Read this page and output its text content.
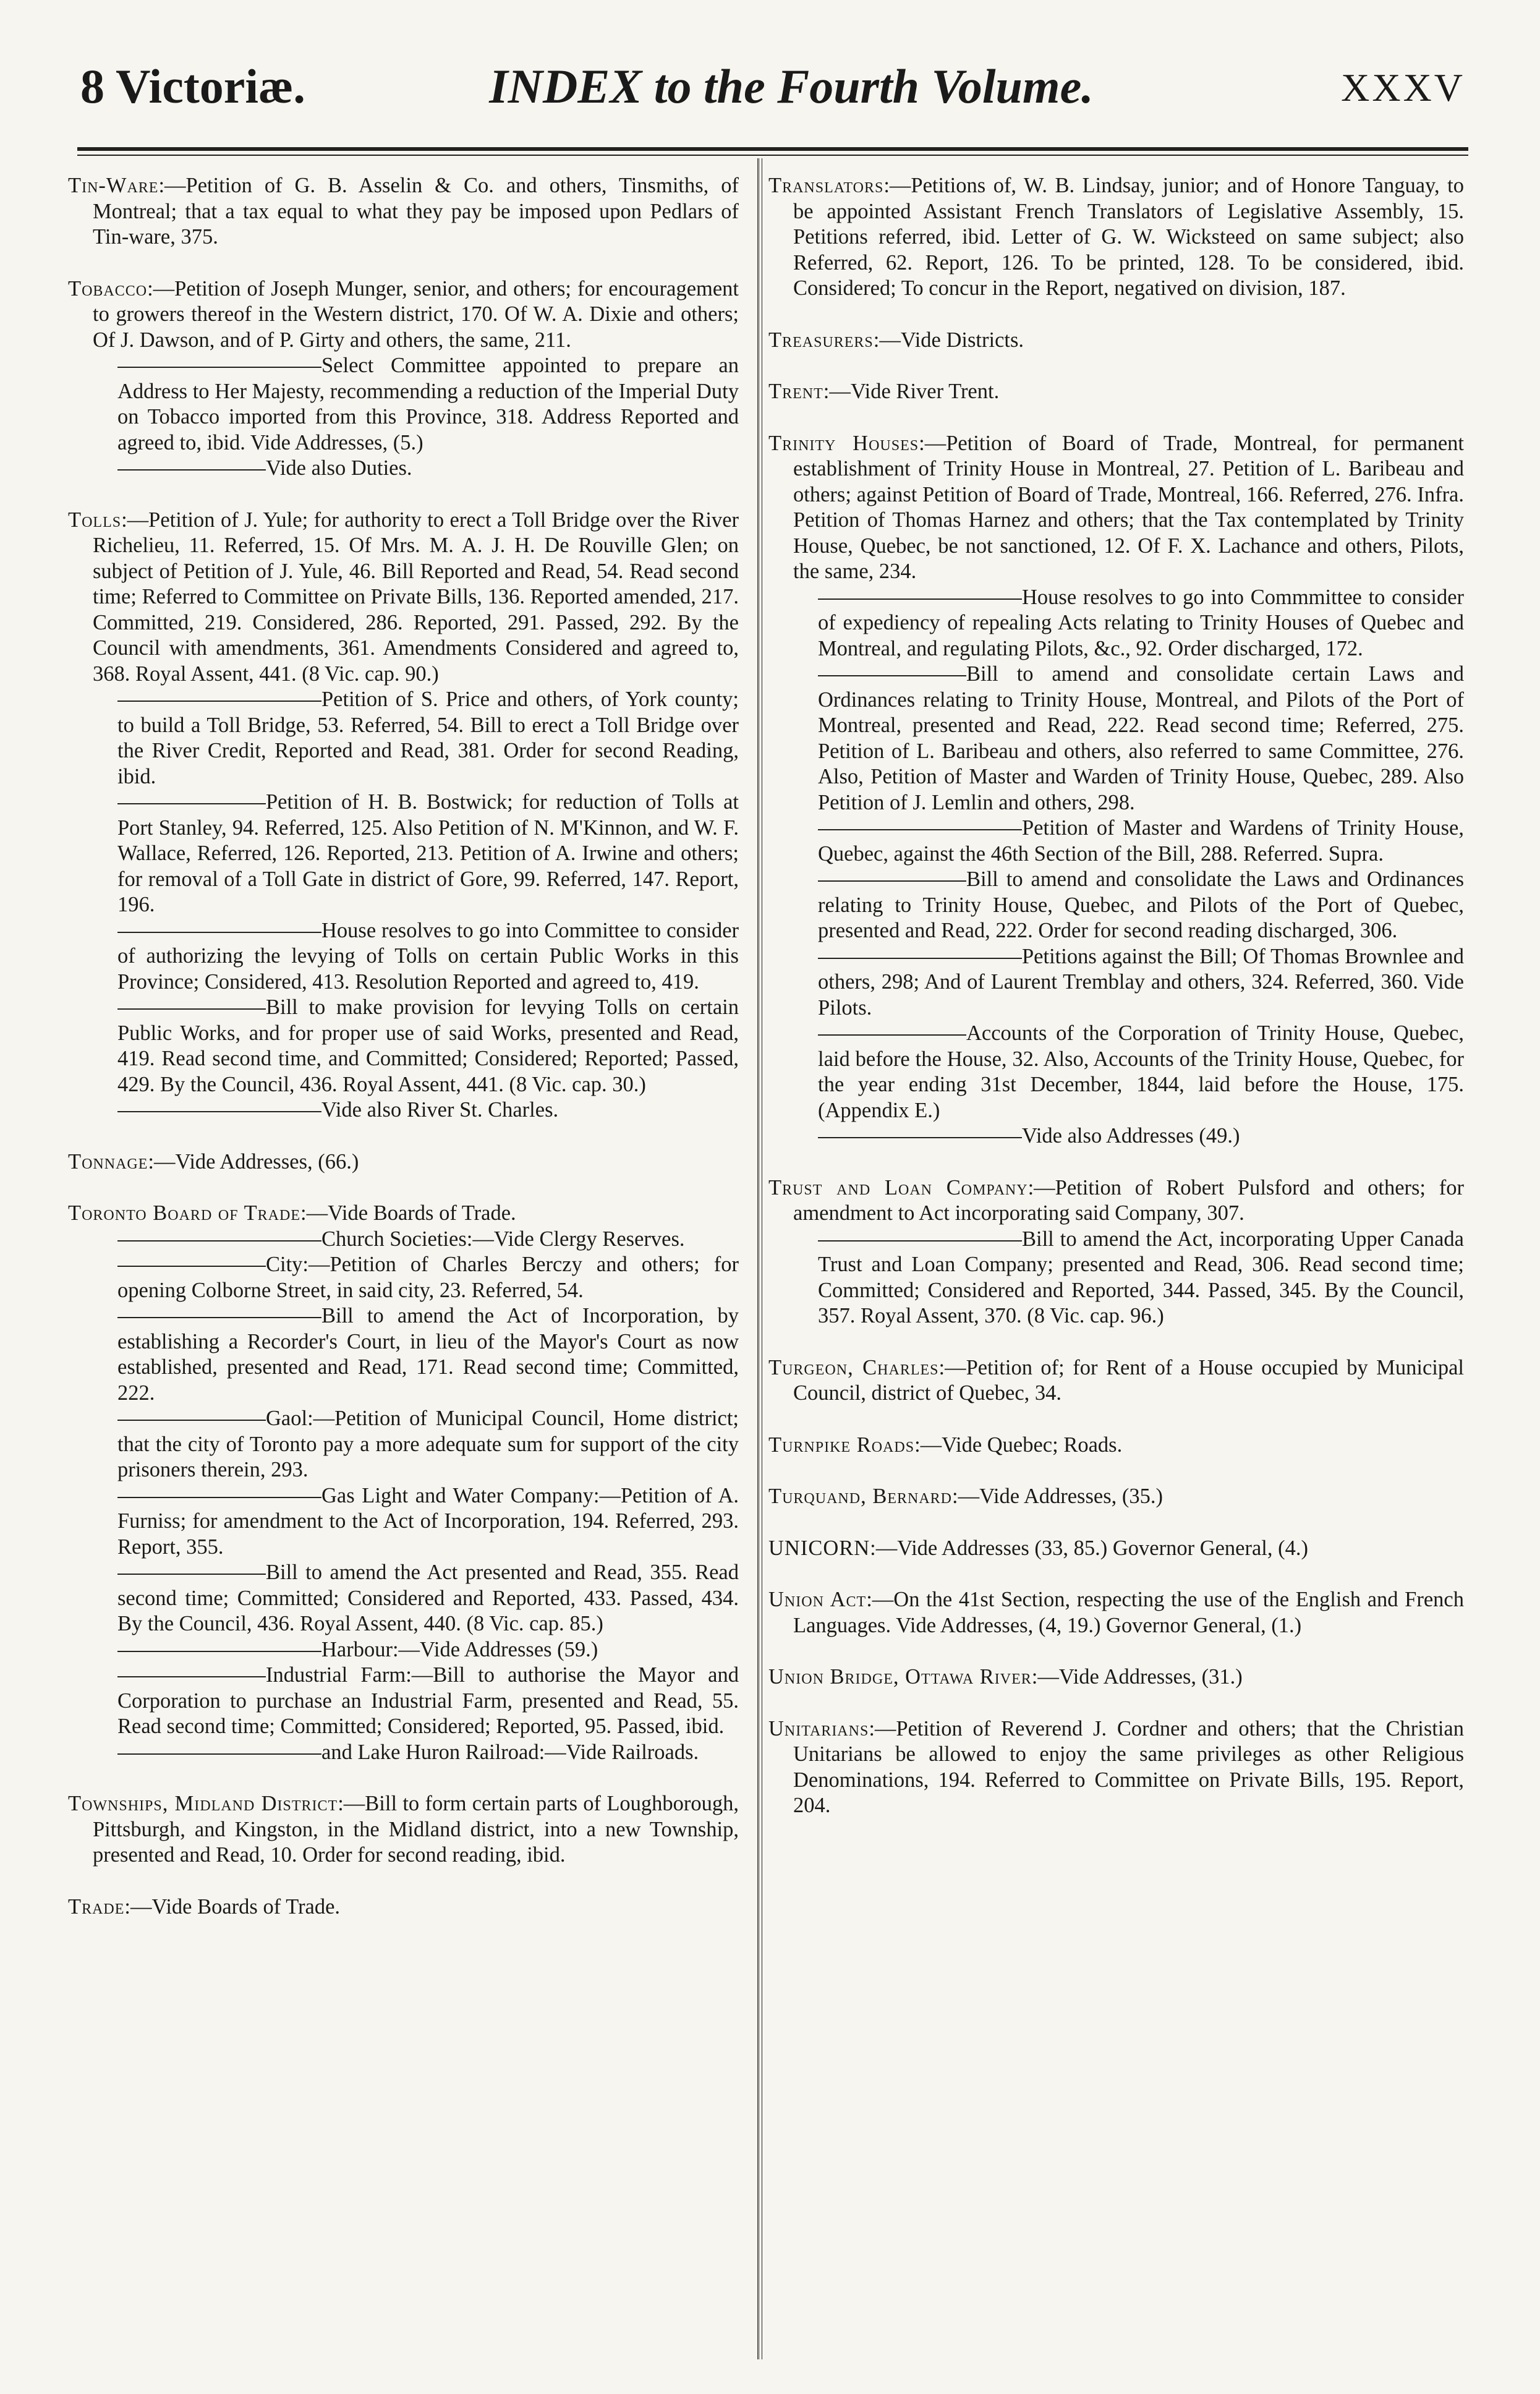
8 Victoriæ.	INDEX to the Fourth Volume.	XXXV
Tin-Ware:—Petition of G. B. Asselin & Co. and others, Tinsmiths, of Montreal; that a tax equal to what they pay be imposed upon Pedlars of Tin-ware, 375.
Tobacco:—Petition of Joseph Munger, senior, and others; for encouragement to growers thereof in the Western district, 170. Of W. A. Dixie and others; Of J. Dawson, and of P. Girty and others, the same, 211.
Select Committee appointed to prepare an Address to Her Majesty, recommending a reduction of the Imperial Duty on Tobacco imported from this Province, 318. Address Reported and agreed to, ibid. Vide Addresses, (5.)
Vide also Duties.
Tolls:—Petition of J. Yule; for authority to erect a Toll Bridge over the River Richelieu, 11. Referred, 15. Of Mrs. M. A. J. H. De Rouville Glen; on subject of Petition of J. Yule, 46. Bill Reported and Read, 54. Read second time; Referred to Committee on Private Bills, 136. Reported amended, 217. Committed, 219. Considered, 286. Reported, 291. Passed, 292. By the Council with amendments, 361. Amendments Considered and agreed to, 368. Royal Assent, 441. (8 Vic. cap. 90.)
Petition of S. Price and others, of York county; to build a Toll Bridge, 53. Referred, 54. Bill to erect a Toll Bridge over the River Credit, Reported and Read, 381. Order for second Reading, ibid.
Petition of H. B. Bostwick; for reduction of Tolls at Port Stanley, 94. Referred, 125. Also Petition of N. M'Kinnon, and W. F. Wallace, Referred, 126. Reported, 213. Petition of A. Irwine and others; for removal of a Toll Gate in district of Gore, 99. Referred, 147. Report, 196.
House resolves to go into Committee to consider of authorizing the levying of Tolls on certain Public Works in this Province; Considered, 413. Resolution Reported and agreed to, 419.
Bill to make provision for levying Tolls on certain Public Works, and for proper use of said Works, presented and Read, 419. Read second time, and Committed; Considered; Reported; Passed, 429. By the Council, 436. Royal Assent, 441. (8 Vic. cap. 30.)
Vide also River St. Charles.
Tonnage:—Vide Addresses, (66.)
Toronto Board of Trade:—Vide Boards of Trade.
Church Societies:—Vide Clergy Reserves.
City:—Petition of Charles Berczy and others; for opening Colborne Street, in said city, 23. Referred, 54.
Bill to amend the Act of Incorporation, by establishing a Recorder's Court, in lieu of the Mayor's Court as now established, presented and Read, 171. Read second time; Committed, 222.
Gaol:—Petition of Municipal Council, Home district; that the city of Toronto pay a more adequate sum for support of the city prisoners therein, 293.
Gas Light and Water Company:—Petition of A. Furniss; for amendment to the Act of Incorporation, 194. Referred, 293. Report, 355.
Bill to amend the Act presented and Read, 355. Read second time; Committed; Considered and Reported, 433. Passed, 434. By the Council, 436. Royal Assent, 440. (8 Vic. cap. 85.)
Harbour:—Vide Addresses (59.)
Industrial Farm:—Bill to authorise the Mayor and Corporation to purchase an Industrial Farm, presented and Read, 55. Read second time; Committed; Considered; Reported, 95. Passed, ibid.
and Lake Huron Railroad:—Vide Railroads.
Townships, Midland District:—Bill to form certain parts of Loughborough, Pittsburgh, and Kingston, in the Midland district, into a new Township, presented and Read, 10. Order for second reading, ibid.
Trade:—Vide Boards of Trade.
Translators:—Petitions of, W. B. Lindsay, junior; and of Honore Tanguay, to be appointed Assistant French Translators of Legislative Assembly, 15. Petitions referred, ibid. Letter of G. W. Wicksteed on same subject; also Referred, 62. Report, 126. To be printed, 128. To be considered, ibid. Considered; To concur in the Report, negatived on division, 187.
Treasurers:—Vide Districts.
Trent:—Vide River Trent.
Trinity Houses:—Petition of Board of Trade, Montreal, for permanent establishment of Trinity House in Montreal, 27. Petition of L. Baribeau and others; against Petition of Board of Trade, Montreal, 166. Referred, 276. Infra. Petition of Thomas Harnez and others; that the Tax contemplated by Trinity House, Quebec, be not sanctioned, 12. Of F. X. Lachance and others, Pilots, the same, 234.
House resolves to go into Commmittee to consider of expediency of repealing Acts relating to Trinity Houses of Quebec and Montreal, and regulating Pilots, &c., 92. Order discharged, 172.
Bill to amend and consolidate certain Laws and Ordinances relating to Trinity House, Montreal, and Pilots of the Port of Montreal, presented and Read, 222. Read second time; Referred, 275. Petition of L. Baribeau and others, also referred to same Committee, 276. Also, Petition of Master and Warden of Trinity House, Quebec, 289. Also Petition of J. Lemlin and others, 298.
Petition of Master and Wardens of Trinity House, Quebec, against the 46th Section of the Bill, 288. Referred. Supra.
Bill to amend and consolidate the Laws and Ordinances relating to Trinity House, Quebec, and Pilots of the Port of Quebec, presented and Read, 222. Order for second reading discharged, 306.
Petitions against the Bill; Of Thomas Brownlee and others, 298; And of Laurent Tremblay and others, 324. Referred, 360. Vide Pilots.
Accounts of the Corporation of Trinity House, Quebec, laid before the House, 32. Also, Accounts of the Trinity House, Quebec, for the year ending 31st December, 1844, laid before the House, 175. (Appendix E.)
Vide also Addresses (49.)
Trust and Loan Company:—Petition of Robert Pulsford and others; for amendment to Act incorporating said Company, 307.
Bill to amend the Act, incorporating Upper Canada Trust and Loan Company; presented and Read, 306. Read second time; Committed; Considered and Reported, 344. Passed, 345. By the Council, 357. Royal Assent, 370. (8 Vic. cap. 96.)
Turgeon, Charles:—Petition of; for Rent of a House occupied by Municipal Council, district of Quebec, 34.
Turnpike Roads:—Vide Quebec; Roads.
Turquand, Bernard:—Vide Addresses, (35.)
UNICORN:—Vide Addresses (33, 85.) Governor General, (4.)
Union Act:—On the 41st Section, respecting the use of the English and French Languages. Vide Addresses, (4, 19.) Governor General, (1.)
Union Bridge, Ottawa River:—Vide Addresses, (31.)
Unitarians:—Petition of Reverend J. Cordner and others; that the Christian Unitarians be allowed to enjoy the same privileges as other Religious Denominations, 194. Referred to Committee on Private Bills, 195. Report, 204.
